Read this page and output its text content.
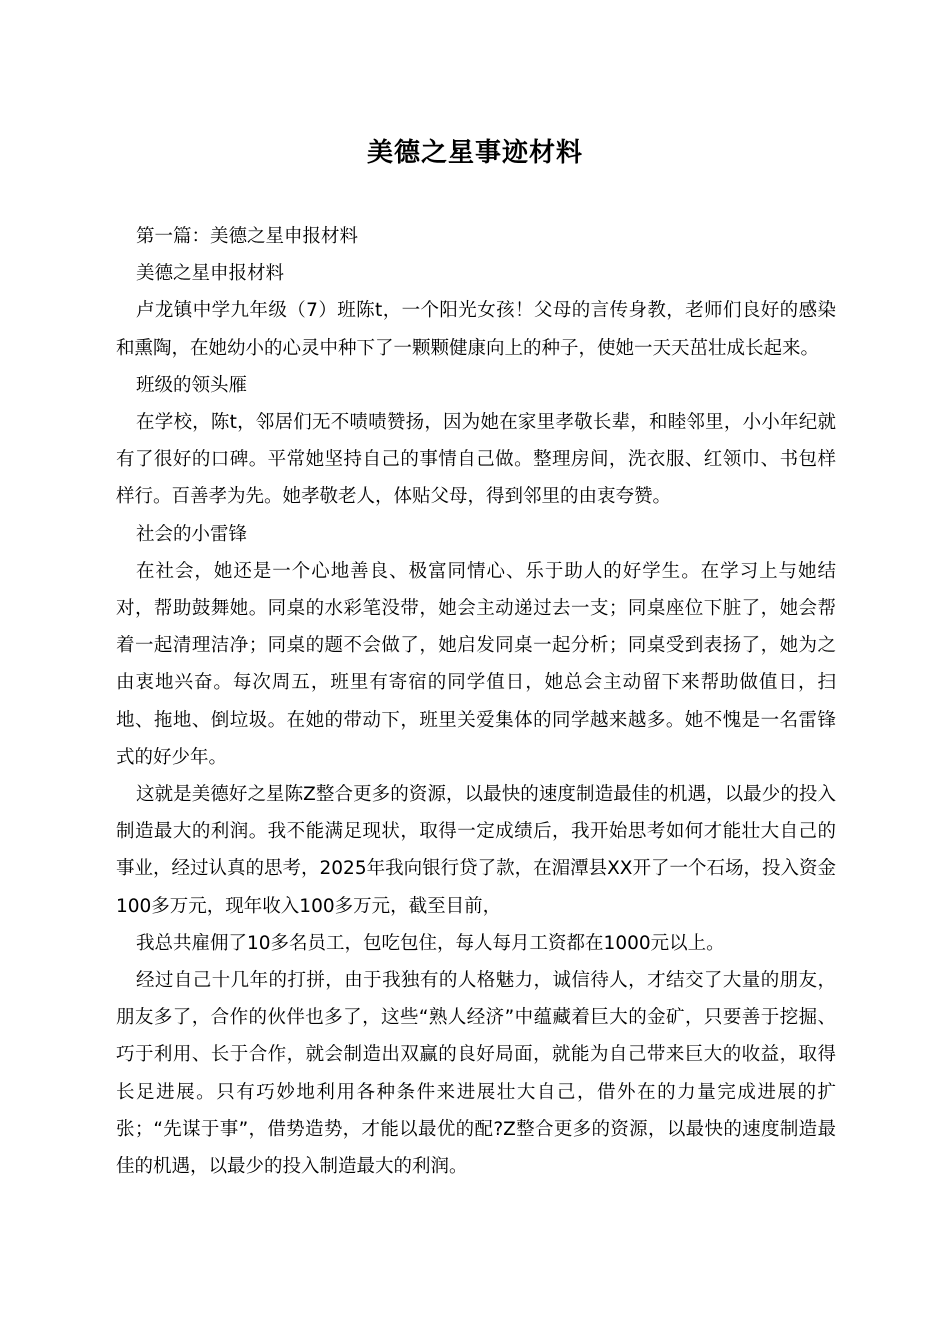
美德之星事迹材料

第一篇：美德之星申报材料

美德之星申报材料

卢龙镇中学九年级（7）班陈t，一个阳光女孩！父母的言传身教，老师们良好的感染和熏陶，在她幼小的心灵中种下了一颗颗健康向上的种子，使她一天天茁壮成长起来。

班级的领头雁

在学校，陈t，邻居们无不啧啧赞扬，因为她在家里孝敬长辈，和睦邻里，小小年纪就有了很好的口碑。平常她坚持自己的事情自己做。整理房间，洗衣服、红领巾、书包样样行。百善孝为先。她孝敬老人，体贴父母，得到邻里的由衷夸赞。

社会的小雷锋

在社会，她还是一个心地善良、极富同情心、乐于助人的好学生。在学习上与她结对，帮助鼓舞她。同桌的水彩笔没带，她会主动递过去一支；同桌座位下脏了，她会帮着一起清理洁净；同桌的题不会做了，她启发同桌一起分析；同桌受到表扬了，她为之由衷地兴奋。每次周五，班里有寄宿的同学值日，她总会主动留下来帮助做值日，扫地、拖地、倒垃圾。在她的带动下，班里关爱集体的同学越来越多。她不愧是一名雷锋式的好少年。

这就是美德好之星陈Z整合更多的资源，以最快的速度制造最佳的机遇，以最少的投入制造最大的利润。我不能满足现状，取得一定成绩后，我开始思考如何才能壮大自己的事业，经过认真的思考，2025年我向银行贷了款，在湄潭县XX开了一个石场，投入资金100多万元，现年收入100多万元，截至目前，

我总共雇佣了10多名员工，包吃包住，每人每月工资都在1000元以上。

经过自己十几年的打拼，由于我独有的人格魅力，诚信待人，才结交了大量的朋友，朋友多了，合作的伙伴也多了，这些“熟人经济”中蕴藏着巨大的金矿，只要善于挖掘、巧于利用、长于合作，就会制造出双赢的良好局面，就能为自己带来巨大的收益，取得长足进展。只有巧妙地利用各种条件来进展壮大自己，借外在的力量完成进展的扩张；“先谋于事”，借势造势，才能以最优的配?Z整合更多的资源，以最快的速度制造最佳的机遇，以最少的投入制造最大的利润。
